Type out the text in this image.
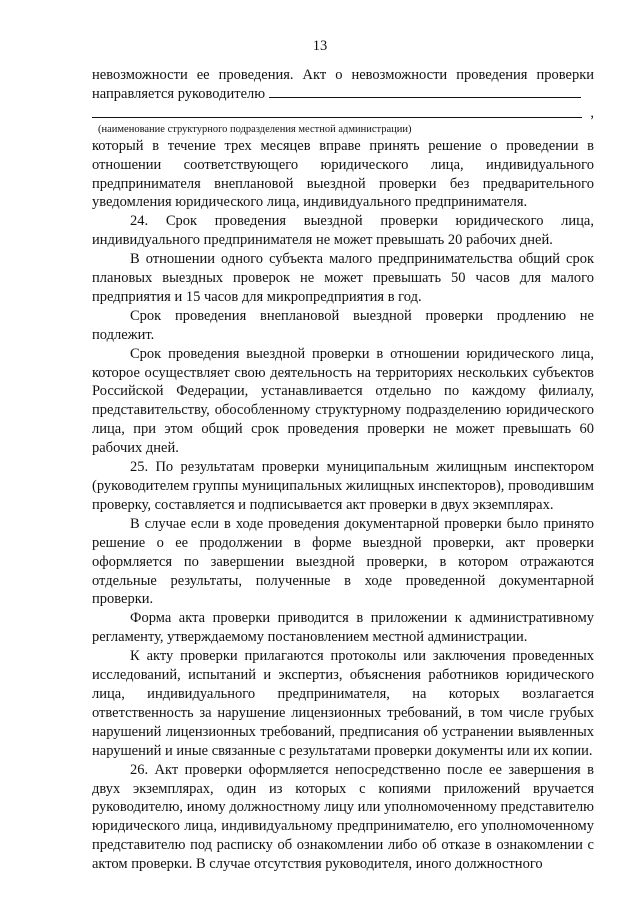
13

невозможности ее проведения. Акт о невозможности проведения проверки направляется руководителю

,

(наименование структурного подразделения местной администрации)

который в течение трех месяцев вправе принять решение о проведении в отношении соответствующего юридического лица, индивидуального предпринимателя внеплановой выездной проверки без предварительного уведомления юридического лица, индивидуального предпринимателя.

24. Срок проведения выездной проверки юридического лица, индивидуального предпринимателя не может превышать 20 рабочих дней.

В отношении одного субъекта малого предпринимательства общий срок плановых выездных проверок не может превышать 50 часов для малого предприятия и 15 часов для микропредприятия в год.

Срок проведения внеплановой выездной проверки продлению не подлежит.

Срок проведения выездной проверки в отношении юридического лица, которое осуществляет свою деятельность на территориях нескольких субъектов Российской Федерации, устанавливается отдельно по каждому филиалу, представительству, обособленному структурному подразделению юридического лица, при этом общий срок проведения проверки не может превышать 60 рабочих дней.

25. По результатам проверки муниципальным жилищным инспектором (руководителем группы муниципальных жилищных инспекторов), проводившим проверку, составляется и подписывается акт проверки в двух экземплярах.

В случае если в ходе проведения документарной проверки было принято решение о ее продолжении в форме выездной проверки, акт проверки оформляется по завершении выездной проверки, в котором отражаются отдельные результаты, полученные в ходе проведенной документарной проверки.

Форма акта проверки приводится в приложении к административному регламенту, утверждаемому постановлением местной администрации.

К акту проверки прилагаются протоколы или заключения проведенных исследований, испытаний и экспертиз, объяснения работников юридического лица, индивидуального предпринимателя, на которых возлагается ответственность за нарушение лицензионных требований, в том числе грубых нарушений лицензионных требований, предписания об устранении выявленных нарушений и иные связанные с результатами проверки документы или их копии.

26. Акт проверки оформляется непосредственно после ее завершения в двух экземплярах, один из которых с копиями приложений вручается руководителю, иному должностному лицу или уполномоченному представителю юридического лица, индивидуальному предпринимателю, его уполномоченному представителю под расписку об ознакомлении либо об отказе в ознакомлении с актом проверки. В случае отсутствия руководителя, иного должностного
